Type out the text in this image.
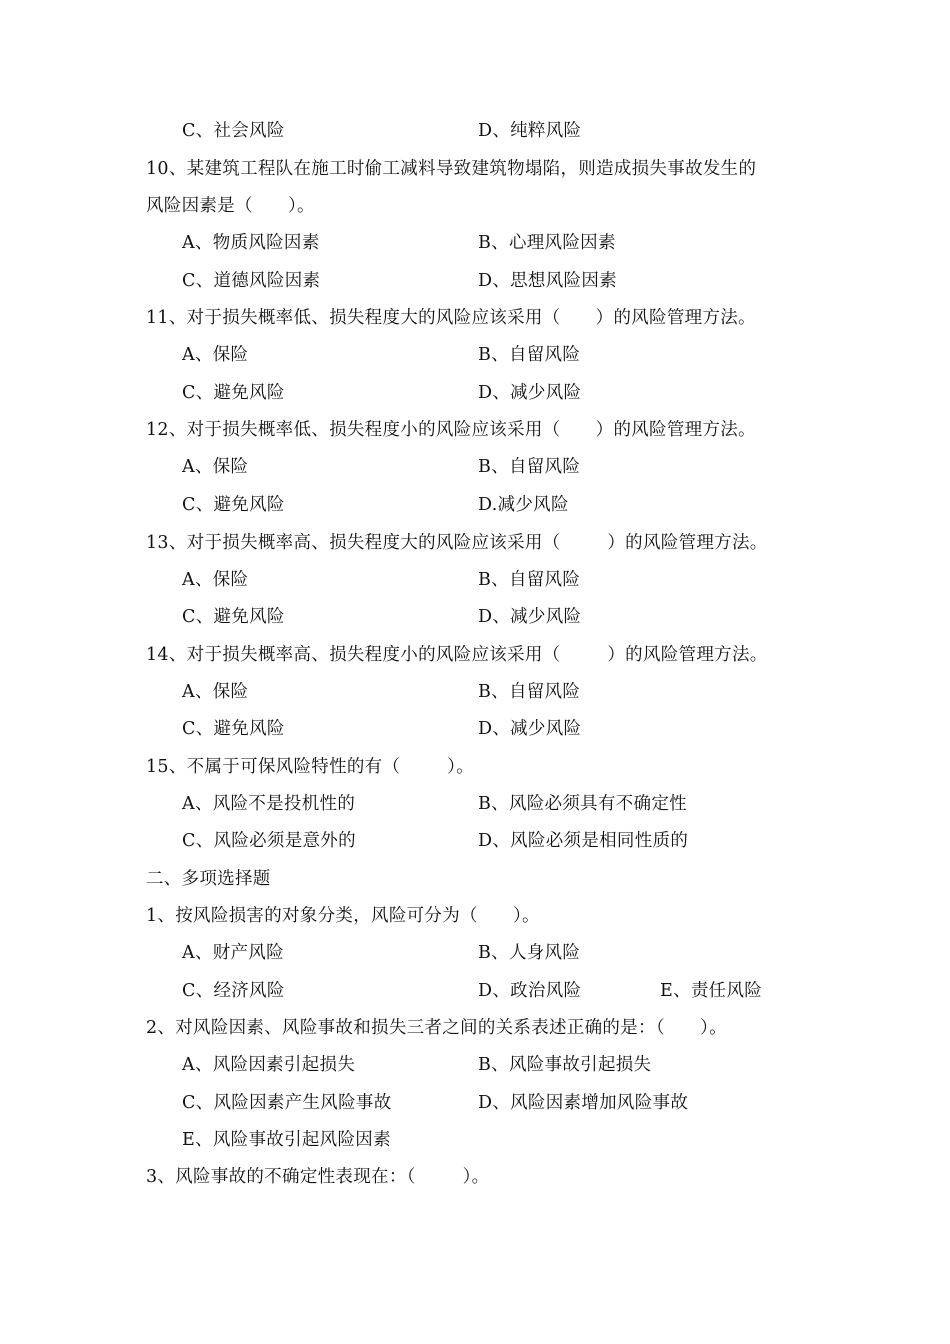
C、社会风险	D、纯粹风险
10、某建筑工程队在施工时偷工减料导致建筑物塌陷，则造成损失事故发生的
风险因素是（      ）。
A、物质风险因素	B、心理风险因素
C、道德风险因素	D、思想风险因素
11、对于损失概率低、损失程度大的风险应该采用（      ）的风险管理方法。
A、保险	B、自留风险
C、避免风险	D、减少风险
12、对于损失概率低、损失程度小的风险应该采用（      ）的风险管理方法。
A、保险	B、自留风险
C、避免风险	D.减少风险
13、对于损失概率高、损失程度大的风险应该采用（        ）的风险管理方法。
A、保险	B、自留风险
C、避免风险	D、减少风险
14、对于损失概率高、损失程度小的风险应该采用（        ）的风险管理方法。
A、保险	B、自留风险
C、避免风险	D、减少风险
15、不属于可保风险特性的有（        ）。
A、风险不是投机性的	B、风险必须具有不确定性
C、风险必须是意外的	D、风险必须是相同性质的
二、多项选择题
1、按风险损害的对象分类，风险可分为（      ）。
A、财产风险	B、人身风险
C、经济风险	D、政治风险	E、责任风险
2、对风险因素、风险事故和损失三者之间的关系表述正确的是：（      ）。
A、风险因素引起损失	B、风险事故引起损失
C、风险因素产生风险事故	D、风险因素增加风险事故
E、风险事故引起风险因素
3、风险事故的不确定性表现在：（        ）。
